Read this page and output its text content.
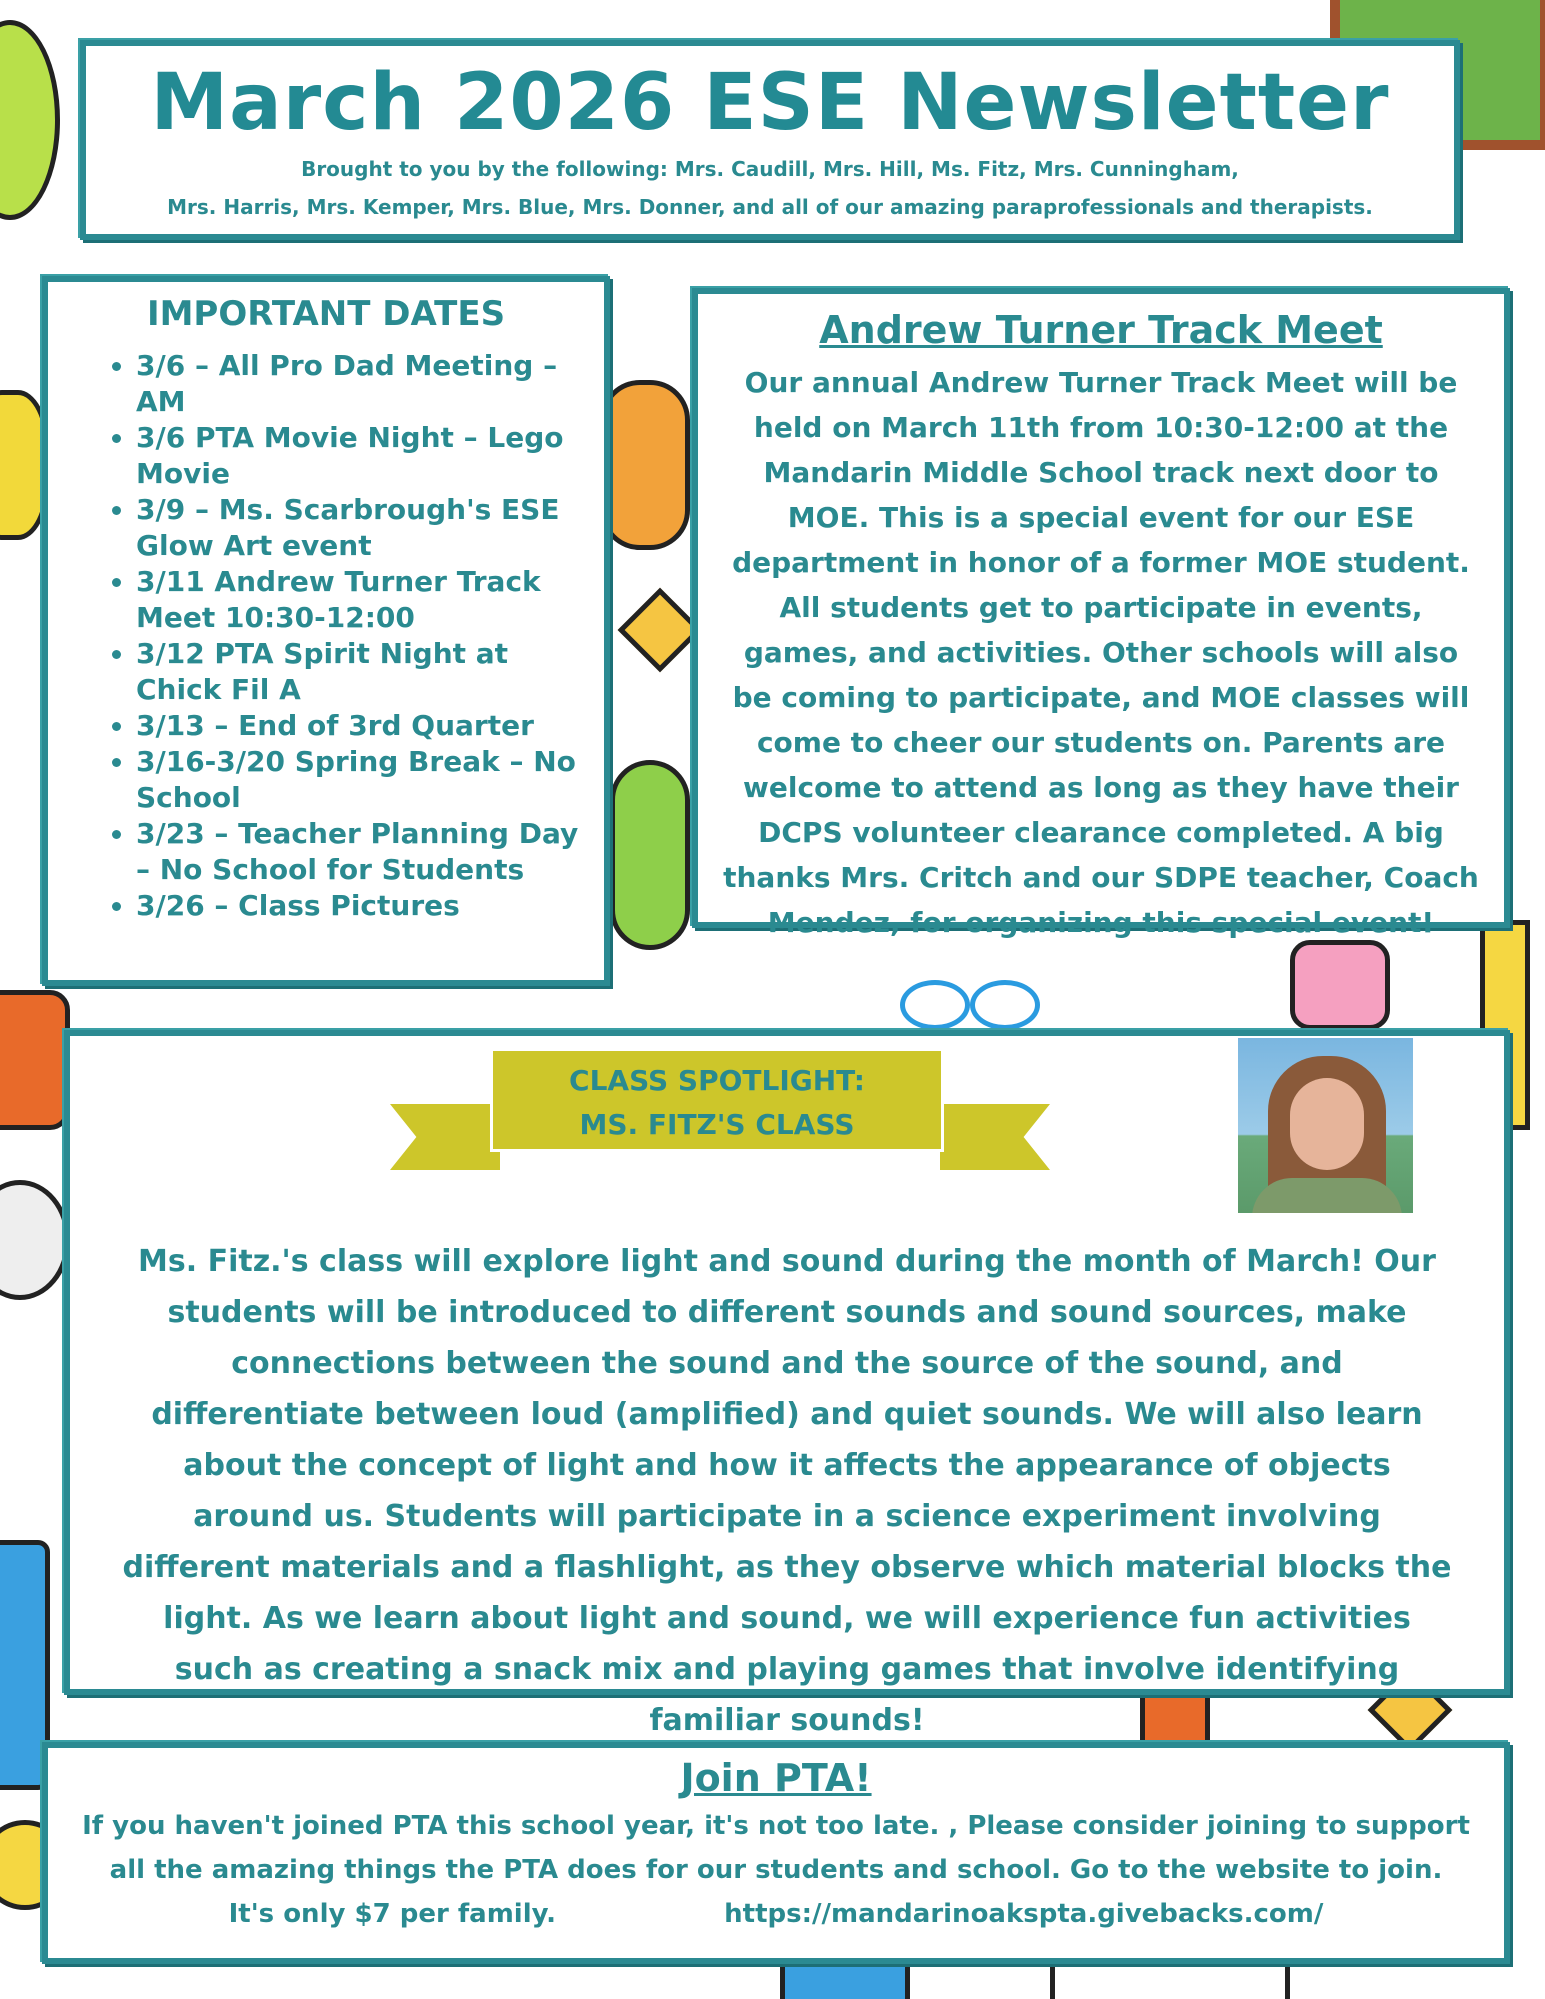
March 2026 ESE Newsletter
Brought to you by the following: Mrs. Caudill, Mrs. Hill, Ms. Fitz, Mrs. Cunningham,
Mrs. Harris, Mrs. Kemper, Mrs. Blue, Mrs. Donner, and all of our amazing paraprofessionals and therapists.
IMPORTANT DATES
• 3/6 – All Pro Dad Meeting – AM
• 3/6 PTA Movie Night – Lego Movie
• 3/9 – Ms. Scarbrough's ESE Glow Art event
• 3/11 Andrew Turner Track Meet 10:30-12:00
• 3/12 PTA Spirit Night at Chick Fil A
• 3/13 – End of 3rd Quarter
• 3/16-3/20 Spring Break – No School
• 3/23 – Teacher Planning Day – No School for Students
• 3/26 – Class Pictures
Andrew Turner Track Meet
Our annual Andrew Turner Track Meet will be held on March 11th from 10:30-12:00 at the Mandarin Middle School track next door to MOE. This is a special event for our ESE department in honor of a former MOE student. All students get to participate in events, games, and activities. Other schools will also be coming to participate, and MOE classes will come to cheer our students on. Parents are welcome to attend as long as they have their DCPS volunteer clearance completed. A big thanks Mrs. Critch and our SDPE teacher, Coach Mendez, for organizing this special event!
Ms. Fitz.'s class will explore light and sound during the month of March! Our students will be introduced to different sounds and sound sources, make connections between the sound and the source of the sound, and differentiate between loud (amplified) and quiet sounds. We will also learn about the concept of light and how it affects the appearance of objects around us. Students will participate in a science experiment involving different materials and a flashlight, as they observe which material blocks the light. As we learn about light and sound, we will experience fun activities such as creating a snack mix and playing games that involve identifying familiar sounds!
CLASS SPOTLIGHT:
MS. FITZ'S CLASS
Join PTA!
If you haven't joined PTA this school year, it's not too late. , Please consider joining to support
all the amazing things the PTA does for our students and school. Go to the website to join.
It's only $7 per family.	https://mandarinoakspta.givebacks.com/
